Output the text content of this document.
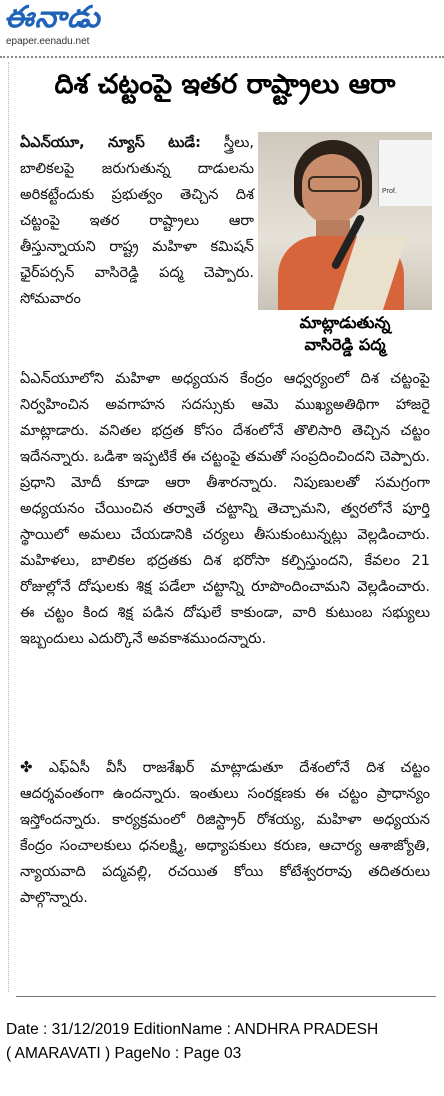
ఈనాడు
epaper.eenadu.net
దిశ చట్టంపై ఇతర రాష్ట్రాలు ఆరా
ఏఎన్‌యూ, న్యూస్ టుడే: స్త్రీలు, బాలికలపై జరుగుతున్న దాడులను అరికట్టేందుకు ప్రభుత్వం తెచ్చిన దిశ చట్టంపై ఇతర రాష్ట్రాలు ఆరా తీస్తున్నాయని రాష్ట్ర మహిళా కమిషన్ ఛైర్‌పర్సన్ వాసిరెడ్డి పద్మ చెప్పారు. సోమవారం
Prof.
మాట్లాడుతున్న
వాసిరెడ్డి పద్మ
ఏఎన్‌యూలోని మహిళా అధ్యయన కేంద్రం ఆధ్వర్యంలో దిశ చట్టంపై నిర్వహించిన అవగాహన సదస్సుకు ఆమె ముఖ్యఅతిథిగా హాజరై మాట్లాడారు. వనితల భద్రత కోసం దేశంలోనే తొలిసారి తెచ్చిన చట్టం ఇదేనన్నారు. ఒడిశా ఇప్పటికే ఈ చట్టంపై తమతో సంప్రదించిందని చెప్పారు. ప్రధాని మోదీ కూడా ఆరా తీశారన్నారు. నిపుణులతో సమగ్రంగా అధ్యయనం చేయించిన తర్వాతే చట్టాన్ని తెచ్చామని, త్వరలోనే పూర్తి స్థాయిలో అమలు చేయడానికి చర్యలు తీసుకుంటున్నట్లు వెల్లడించారు. మహిళలు, బాలికల భద్రతకు దిశ భరోసా కల్పిస్తుందని, కేవలం 21 రోజుల్లోనే దోషులకు శిక్ష పడేలా చట్టాన్ని రూపొందించామని వెల్లడించారు. ఈ చట్టం కింద శిక్ష పడిన దోషులే కాకుండా, వారి కుటుంబ సభ్యులు ఇబ్బందులు ఎదుర్కొనే అవకాశముందన్నారు.
✤ ఎఫ్ఏసీ వీసీ రాజశేఖర్ మాట్లాడుతూ దేశంలోనే దిశ చట్టం ఆదర్శవంతంగా ఉందన్నారు. ఇంతులు సంరక్షణకు ఈ చట్టం ప్రాధాన్యం ఇస్తోందన్నారు. కార్యక్రమంలో రిజిస్ట్రార్ రోశయ్య, మహిళా అధ్యయన కేంద్రం సంచాలకులు ధనలక్ష్మి, అధ్యాపకులు కరుణ, ఆచార్య ఆశాజ్యోతి, న్యాయవాది పద్మవల్లి, రచయిత కోయి కోటేశ్వరరావు తదితరులు పాల్గొన్నారు.
Date : 31/12/2019 EditionName : ANDHRA PRADESH
( AMARAVATI ) PageNo : Page 03
